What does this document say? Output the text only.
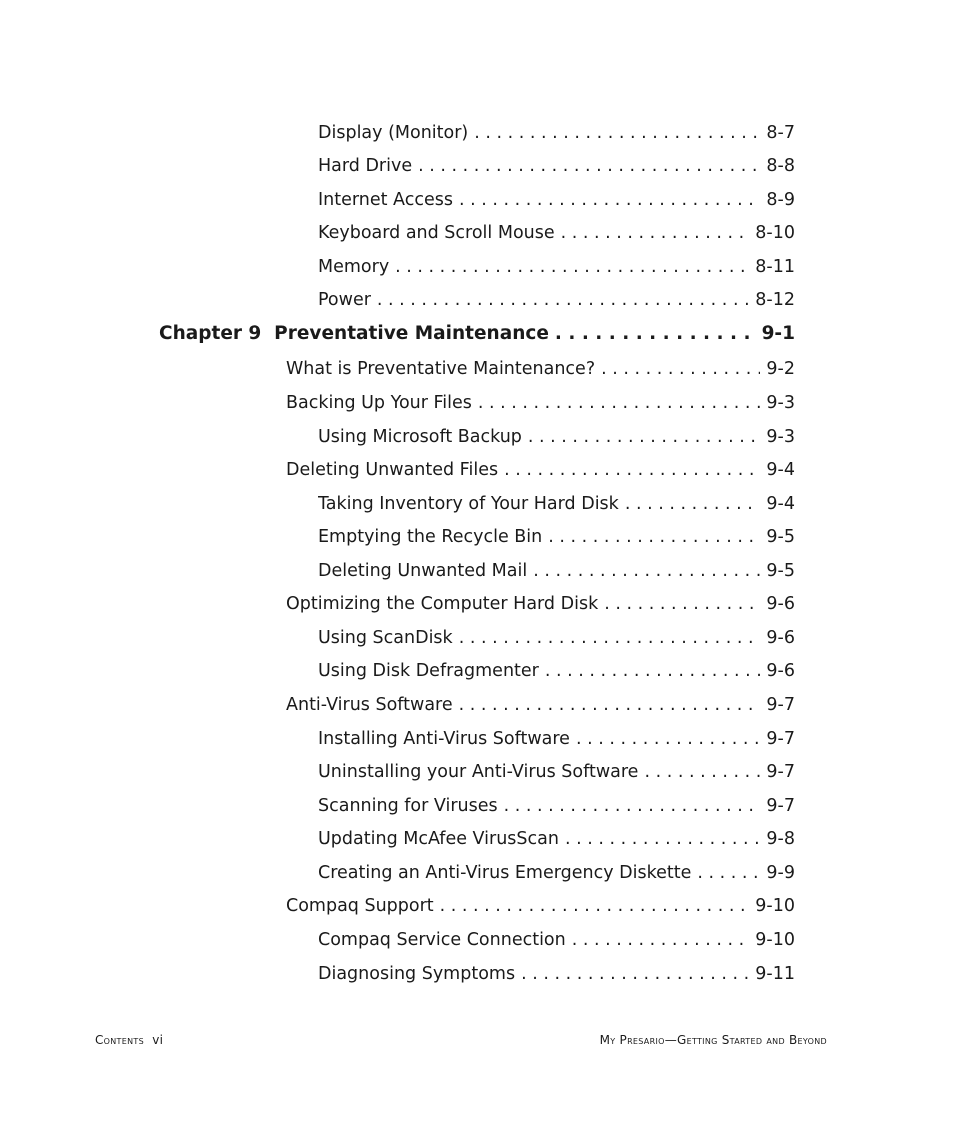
Display (Monitor) . . .	8-7
Hard Drive . . .	8-8
Internet Access . . .	8-9
Keyboard and Scroll Mouse . . .	8-10
Memory . . .	8-11
Power . . .	8-12
Chapter 9  Preventative Maintenance . . .	9-1
What is Preventative Maintenance? . . .	9-2
Backing Up Your Files . . .	9-3
Using Microsoft Backup . . .	9-3
Deleting Unwanted Files . . .	9-4
Taking Inventory of Your Hard Disk . . .	9-4
Emptying the Recycle Bin . . .	9-5
Deleting Unwanted Mail . . .	9-5
Optimizing the Computer Hard Disk . . .	9-6
Using ScanDisk . . .	9-6
Using Disk Defragmenter . . .	9-6
Anti-Virus Software . . .	9-7
Installing Anti-Virus Software . . .	9-7
Uninstalling your Anti-Virus Software . . .	9-7
Scanning for Viruses . . .	9-7
Updating McAfee VirusScan . . .	9-8
Creating an Anti-Virus Emergency Diskette . . .	9-9
Compaq Support . . .	9-10
Compaq Service Connection . . .	9-10
Diagnosing Symptoms . . .	9-11
Contents vi	My Presario—Getting Started and Beyond
